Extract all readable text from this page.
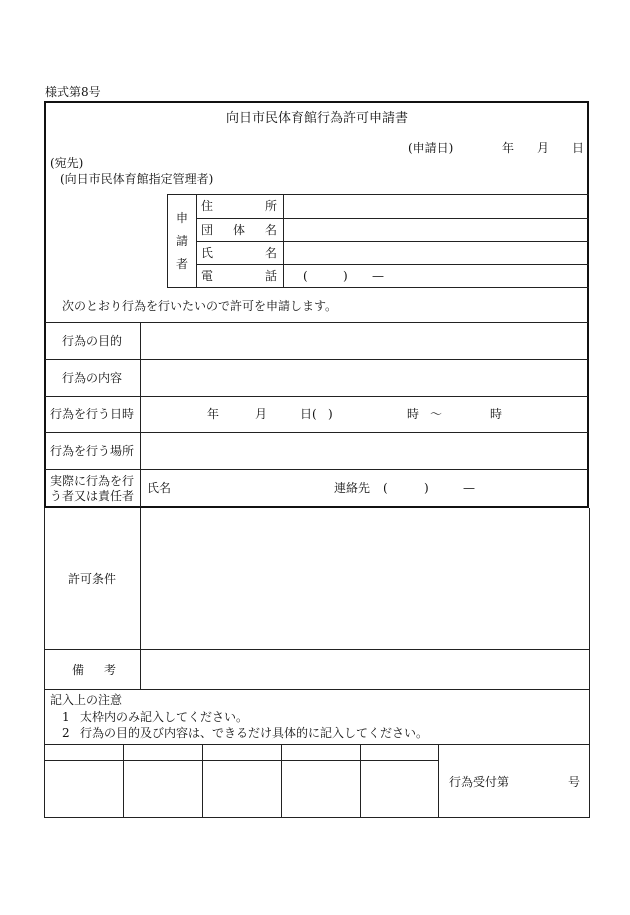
様式第8号
向日市民体育館行為許可申請書
(申請日)	年 月 日
(宛先)
(向日市民体育館指定管理者)
申
請
者
住	所
団 体 名
氏	名
電	話 (	) —
次のとおり行為を行いたいので許可を申請します。
行為の目的
行為の内容
行為を行う日時	年	月	日( )	時 〜	時
行為を行う場所
実際に行為を行
う者又は責任者
氏名	連絡先 (	)	—
許可条件
備 考
記入上の注意
1 太枠内のみ記入してください。
2 行為の目的及び内容は、できるだけ具体的に記入してください。
行為受付第	号
